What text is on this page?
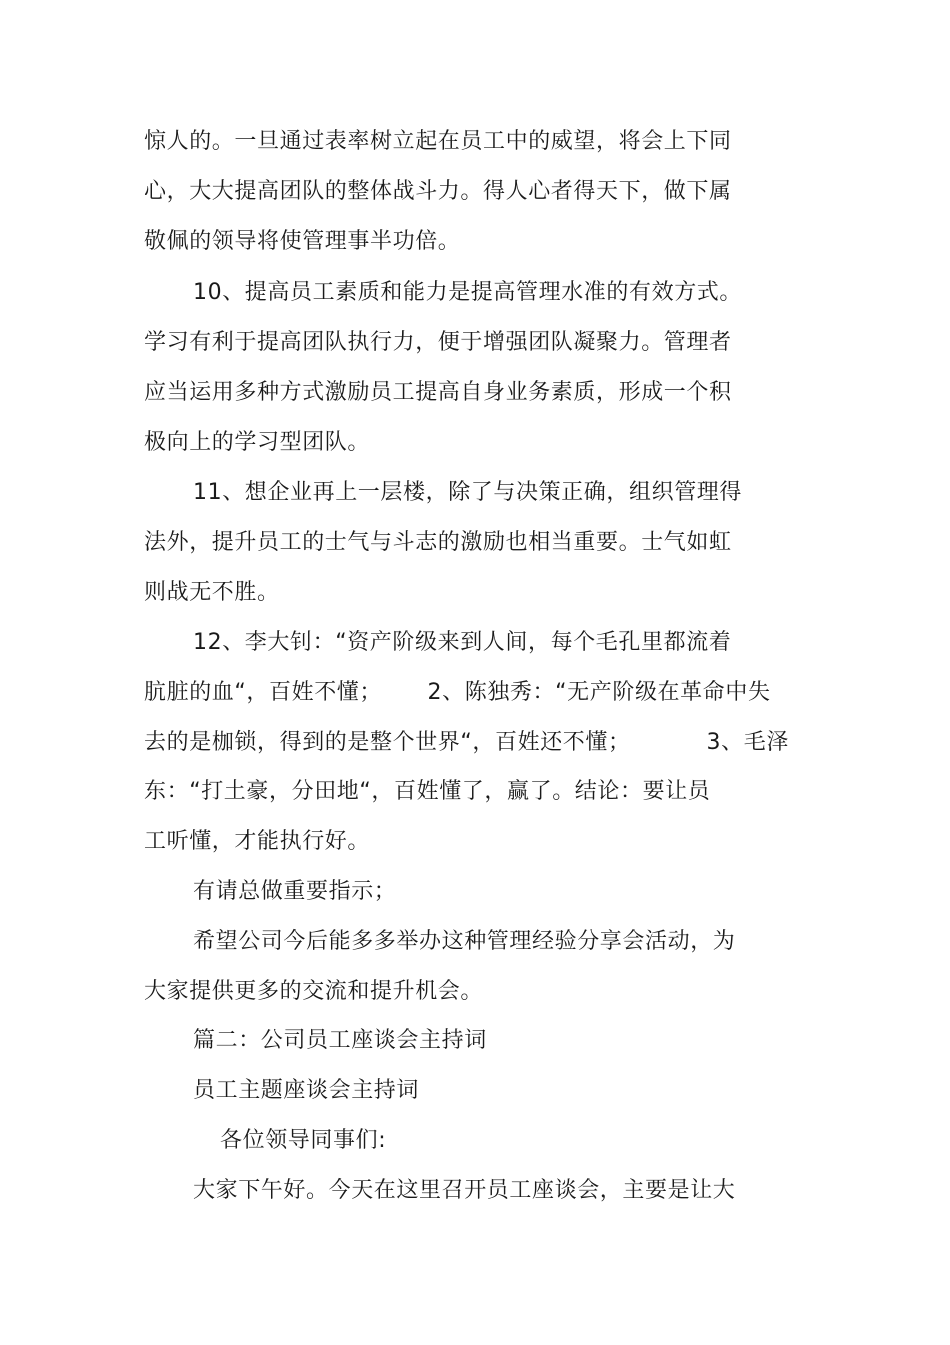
惊人的。一旦通过表率树立起在员工中的威望，将会上下同
心，大大提高团队的整体战斗力。得人心者得天下，做下属
敬佩的领导将使管理事半功倍。
10、提高员工素质和能力是提高管理水准的有效方式。
学习有利于提高团队执行力，便于增强团队凝聚力。管理者
应当运用多种方式激励员工提高自身业务素质，形成一个积
极向上的学习型团队。
11、想企业再上一层楼，除了与决策正确，组织管理得
法外，提升员工的士气与斗志的激励也相当重要。士气如虹
则战无不胜。
12、李大钊：“资产阶级来到人间，每个毛孔里都流着
肮脏的血“，百姓不懂；      2、陈独秀：“无产阶级在革命中失
去的是枷锁，得到的是整个世界“，百姓还不懂；          3、毛泽
东：“打土豪，分田地“，百姓懂了，赢了。结论：要让员
工听懂，才能执行好。
有请总做重要指示；
希望公司今后能多多举办这种管理经验分享会活动，为
大家提供更多的交流和提升机会。
篇二：公司员工座谈会主持词
员工主题座谈会主持词
各位领导同事们:
大家下午好。今天在这里召开员工座谈会，主要是让大
